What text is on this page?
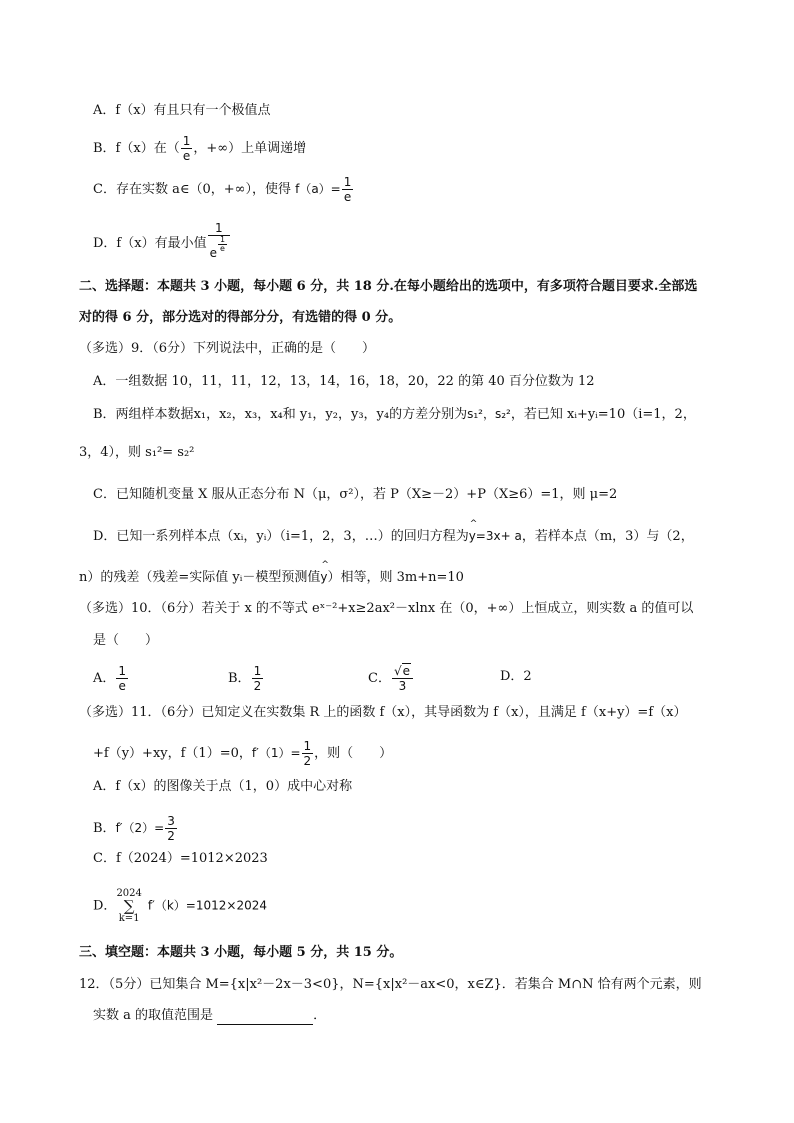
A．f（x）有且只有一个极值点
B．f（x）在（ $\frac{1}{e}$ ，+∞）上单调递增
C．存在实数 a∈（0，+∞），使得 $f(a)= \frac{1}{e}$
D．f（x）有最小值 $\frac{1}{e \frac{1}{e}}$
二、选择题：本题共 3 小题，每小题 6 分，共 18 分.在每小题给出的选项中，有多项符合题目要求.全部选
对的得 6 分，部分选对的得部分分，有选错的得 0 分。
（多选）9．（6分）下列说法中，正确的是（　　）
A．一组数据 10，11，11，12，13，14，16，18，20，22 的第 40 百分位数为 12
B．两组样本数据x₁，x₂，x₃，x₄和 y₁，y₂，y₃，y₄的方差分别为s₁²，s₂²，若已知 xᵢ+yᵢ=10（i=1，2，
3，4），则 s₁²= s₂²
C．已知随机变量 X 服从正态分布 N（μ，σ²），若 P（X≥－2）+P（X≥6）=1，则 μ=2
D．已知一系列样本点（xᵢ，yᵢ）（i=1，2，3，…）的回归方程为^ y=3x+ a，若样本点（m，3）与（2，
n）的残差（残差=实际值 yᵢ－模型预测值^ y）相等，则 3m+n=10
（多选）10．（6分）若关于 x 的不等式 eˣ⁻²+x≥2ax²－xlnx 在（0，+∞）上恒成立，则实数 a 的值可以
是（　　）
A． $\frac{1}{e}$	B． $\frac{1}{2}$	C． $\frac{√e}{3}$	D．2
（多选）11．（6分）已知定义在实数集 R 上的函数 f（x），其导函数为 f（x），且满足 f（x+y）=f（x）
+f（y）+xy，f（1）=0，$f'(1)= \frac{1}{2}$ ，则（　　）
A．f（x）的图像关于点（1，0）成中心对称
B．$f'(2)= \frac{3}{2}$
C．f（2024）=1012×2023
D．2024
∑
k=1f′（k）=1012×2024
三、填空题：本题共 3 小题，每小题 5 分，共 15 分。
12．（5分）已知集合 M={x|x²－2x－3<0}，N={x|x²－ax<0，x∈Z}．若集合 M∩N 恰有两个元素，则
实数 a 的取值范围是	．
